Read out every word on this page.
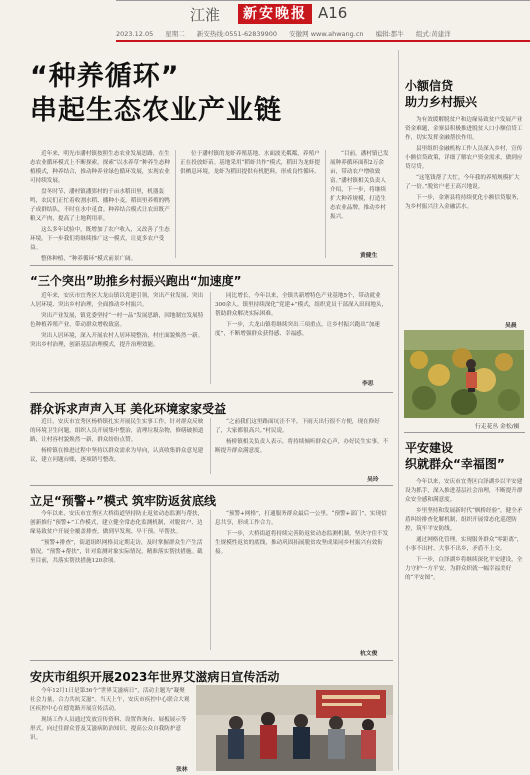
江淮	新安晚报 A16
2023.12.05 星期二 新安热线:0551-62839900 安徽网 www.ahwang.cn 编辑:都牛 组式:黄建洋
“种养循环”
串起生态农业产业链

近年来，明光市潘村镇按照生态农业发展思路，在生态农业循环模式上不断探索，探索“以水养草”种养生态种植模式，种养结合，推动种养业绿色循环发展，实现农业可持续发展。

盘冬时节，潘村镇潘郢村的千亩水稻田里，机器轰鸣，农民们正忙着收割水稻、播种小麦。稻田里养殖的鸭子成群结队，不时在水中觅食。种养结合模式让农田既产粮又产肉，提高了土地利用率。

这么多年试验中，既增加了农户收入，又改善了生态环境。下一步我们将继续推广这一模式，让更多农户受益。

整体种植，“种养循环”模式前景广阔。

位于潘村镇的龙虾养殖基地，水面波光粼粼，养殖户正在投放虾苗。基地采用“稻虾共作”模式，稻田为龙虾提供栖息环境，龙虾为稻田提供有机肥料，形成良性循环。

“目前，潘村镇已发展种养循环面积2万余亩，带动农户增收致富。”潘村镇相关负责人介绍，下一步，将继续扩大种养规模，打造生态农业品牌，推动乡村振兴。

黄健生
“三个突出”助推乡村振兴跑出“加速度”

近年来，安庆市宜秀区大龙山镇以党建引领，突出产业发展、突出人居环境、突出乡村治理，全面推动乡村振兴。

突出产业发展，镇党委坚持“一村一品”发展思路，因地制宜发展特色种植养殖产业，带动群众增收致富。

突出人居环境，深入开展农村人居环境整治，村庄面貌焕然一新。突出乡村治理，创新基层治理模式，提升治理效能。

同比增长，今年以来，全镇共新增特色产业基地5个，带动就业300余人。镇里持续深化“党建+”模式，组织党员干部深入田间地头，帮助群众解决实际困难。

下一步，大龙山镇将继续突出三项重点，让乡村振兴跑出“加速度”，不断增强群众获得感、幸福感。

李思
群众诉求声声入耳 美化环境家家受益

近日，安庆市宜秀区杨桥镇扎实开展民生实事工作，针对群众反映的环境卫生问题，组织人员开展集中整治，清理垃圾杂物，修缮破损道路，让村容村貌焕然一新，群众纷纷点赞。

杨桥镇在推进过程中坚持以群众需求为导向，认真收集群众意见建议，建立问题台账，逐项销号整改。

“之前我们这里路面坑洼不平，下雨天出行很不方便，现在修好了，大家都很高兴。”村民说。

杨桥镇相关负责人表示，将持续倾听群众心声，办好民生实事，不断提升群众满意度。

吴玲
立足“预警+”模式 筑牢防返贫底线

今年以来，安庆市宜秀区大桥街道坚持防止返贫动态监测与帮扶，创新推行“预警+”工作模式，建立健全常态化监测机制，对脱贫户、边缘易致贫户开展全覆盖排查，做到早发现、早干预、早帮扶。

“预警+排查”，街道组织网格员定期走访，及时掌握群众生产生活情况。“预警+帮扶”，针对监测对象实际情况，精准落实帮扶措施。截至目前，共落实帮扶措施120余项。

“预警+网格”，打通服务群众最后一公里。“预警+部门”，实现信息共享，形成工作合力。

下一步，大桥街道将持续完善防返贫动态监测机制，坚决守住不发生规模性返贫的底线，推动巩固拓展脱贫攻坚成果同乡村振兴有效衔接。

杭文俊
安庆市组织开展2023年世界艾滋病日宣传活动

今年12月1日是第36个“世界艾滋病日”，活动主题为“凝聚社会力量，合力共抗艾滋”。当天上午，安庆市疾控中心联合大观区疾控中心在德宽路开展宣传活动。

现场工作人员通过发放宣传资料、设置咨询台、展板展示等形式，向过往群众普及艾滋病防治知识，提高公众自我防护意识。

张林
小额信贷
助力乡村振兴

为有效缓解脱贫户和边缘易致贫户发展产业资金难题，金寨县积极推进脱贫人口小额信贷工作，切实发挥金融帮扶作用。

县里组织金融机构工作人员深入乡村，宣传小额信贷政策，详细了解农户资金需求，做到应贷尽贷。

“这笔钱帮了大忙，今年我的养殖规模扩大了一倍。”脱贫户老王高兴地说。

下一步，金寨县将持续优化小额信贷服务，为乡村振兴注入金融活水。

吴晨
行走花丛 金松/摄
平安建设
织就群众“幸福图”

今年以来，安庆市宜秀区白泽湖乡以平安建设为抓手，深入推进基层社会治理，不断提升群众安全感和满意度。

乡里坚持和发展新时代“枫桥经验”，健全矛盾纠纷排查化解机制，组织开展常态化巡逻防控，筑牢平安防线。

通过网格化管理，实现服务群众“零距离”，小事不出村、大事不出乡，矛盾不上交。

下一步，白泽湖乡将继续深化平安建设，全力守护一方平安，为群众织就一幅幸福美好的“平安图”。
